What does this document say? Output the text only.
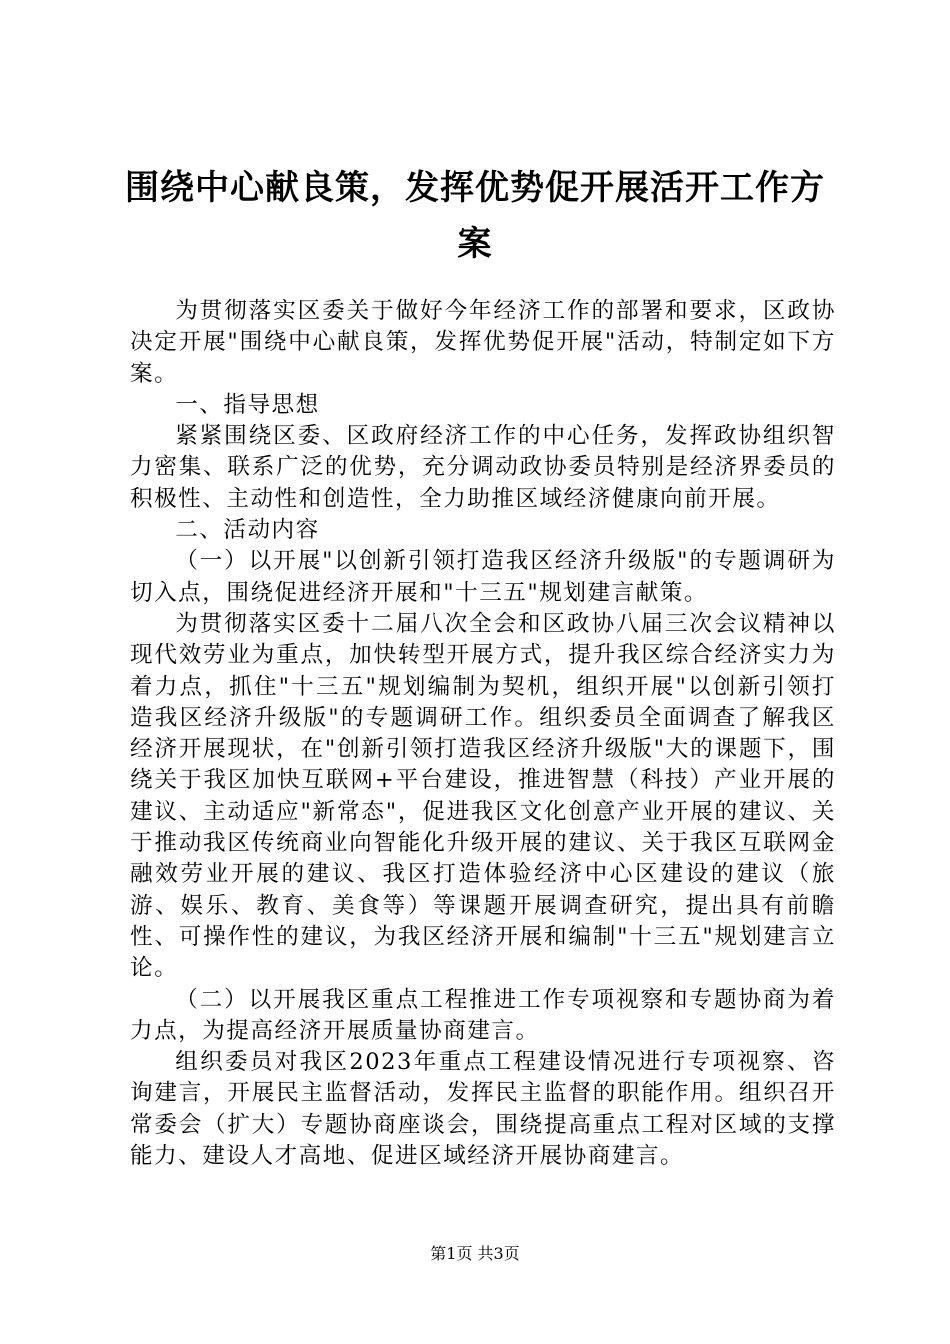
围绕中心献良策，发挥优势促开展活开工作方案

为贯彻落实区委关于做好今年经济工作的部署和要求，区政协决定开展"围绕中心献良策，发挥优势促开展"活动，特制定如下方案。

一、指导思想

紧紧围绕区委、区政府经济工作的中心任务，发挥政协组织智力密集、联系广泛的优势，充分调动政协委员特别是经济界委员的积极性、主动性和创造性，全力助推区域经济健康向前开展。

二、活动内容

（一）以开展"以创新引领打造我区经济升级版"的专题调研为切入点，围绕促进经济开展和"十三五"规划建言献策。

为贯彻落实区委十二届八次全会和区政协八届三次会议精神以现代效劳业为重点，加快转型开展方式，提升我区综合经济实力为着力点，抓住"十三五"规划编制为契机，组织开展"以创新引领打造我区经济升级版"的专题调研工作。组织委员全面调查了解我区经济开展现状，在"创新引领打造我区经济升级版"大的课题下，围绕关于我区加快互联网+平台建设，推进智慧（科技）产业开展的建议、主动适应"新常态"，促进我区文化创意产业开展的建议、关于推动我区传统商业向智能化升级开展的建议、关于我区互联网金融效劳业开展的建议、我区打造体验经济中心区建设的建议（旅游、娱乐、教育、美食等）等课题开展调查研究，提出具有前瞻性、可操作性的建议，为我区经济开展和编制"十三五"规划建言立论。

（二）以开展我区重点工程推进工作专项视察和专题协商为着力点，为提高经济开展质量协商建言。

组织委员对我区2023年重点工程建设情况进行专项视察、咨询建言，开展民主监督活动，发挥民主监督的职能作用。组织召开常委会（扩大）专题协商座谈会，围绕提高重点工程对区域的支撑能力、建设人才高地、促进区域经济开展协商建言。

第1页 共3页
